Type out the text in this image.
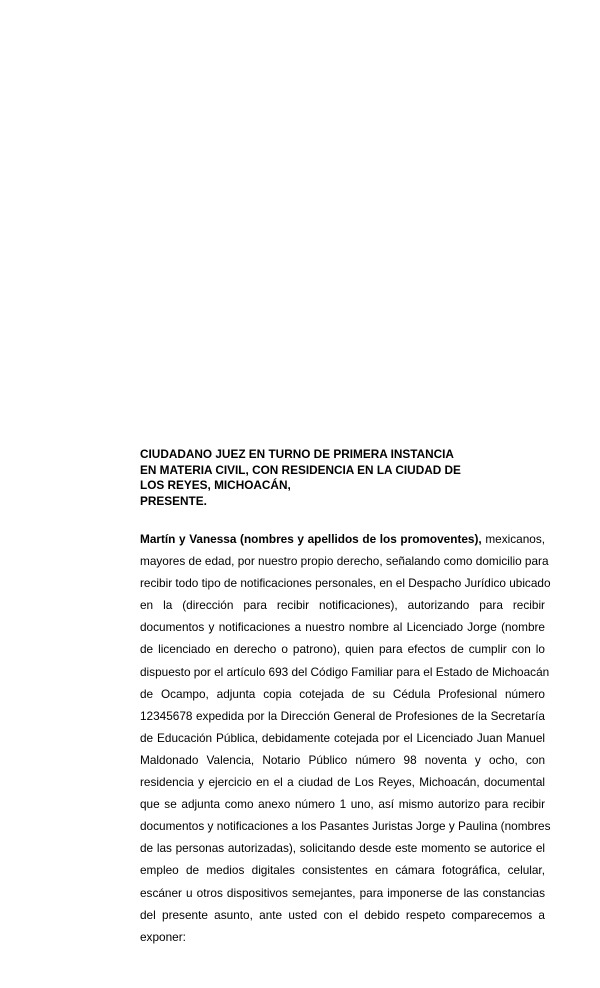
CIUDADANO JUEZ EN TURNO DE PRIMERA INSTANCIA
EN MATERIA CIVIL, CON RESIDENCIA EN LA CIUDAD DE
LOS REYES, MICHOACÁN,
PRESENTE.
Martín y Vanessa (nombres y apellidos de los promoventes), mexicanos,
mayores de edad, por nuestro propio derecho, señalando como domicilio para
recibir todo tipo de notificaciones personales, en el Despacho Jurídico ubicado
en la (dirección para recibir notificaciones), autorizando para recibir
documentos y notificaciones a nuestro nombre al Licenciado Jorge (nombre
de licenciado en derecho o patrono), quien para efectos de cumplir con lo
dispuesto por el artículo 693 del Código Familiar para el Estado de Michoacán
de Ocampo, adjunta copia cotejada de su Cédula Profesional número
12345678 expedida por la Dirección General de Profesiones de la Secretaría
de Educación Pública, debidamente cotejada por el Licenciado Juan Manuel
Maldonado Valencia, Notario Público número 98 noventa y ocho, con
residencia y ejercicio en el a ciudad de Los Reyes, Michoacán, documental
que se adjunta como anexo número 1 uno, así mismo autorizo para recibir
documentos y notificaciones a los Pasantes Juristas Jorge y Paulina (nombres
de las personas autorizadas), solicitando desde este momento se autorice el
empleo de medios digitales consistentes en cámara fotográfica, celular,
escáner u otros dispositivos semejantes, para imponerse de las constancias
del presente asunto, ante usted con el debido respeto comparecemos a
exponer:
